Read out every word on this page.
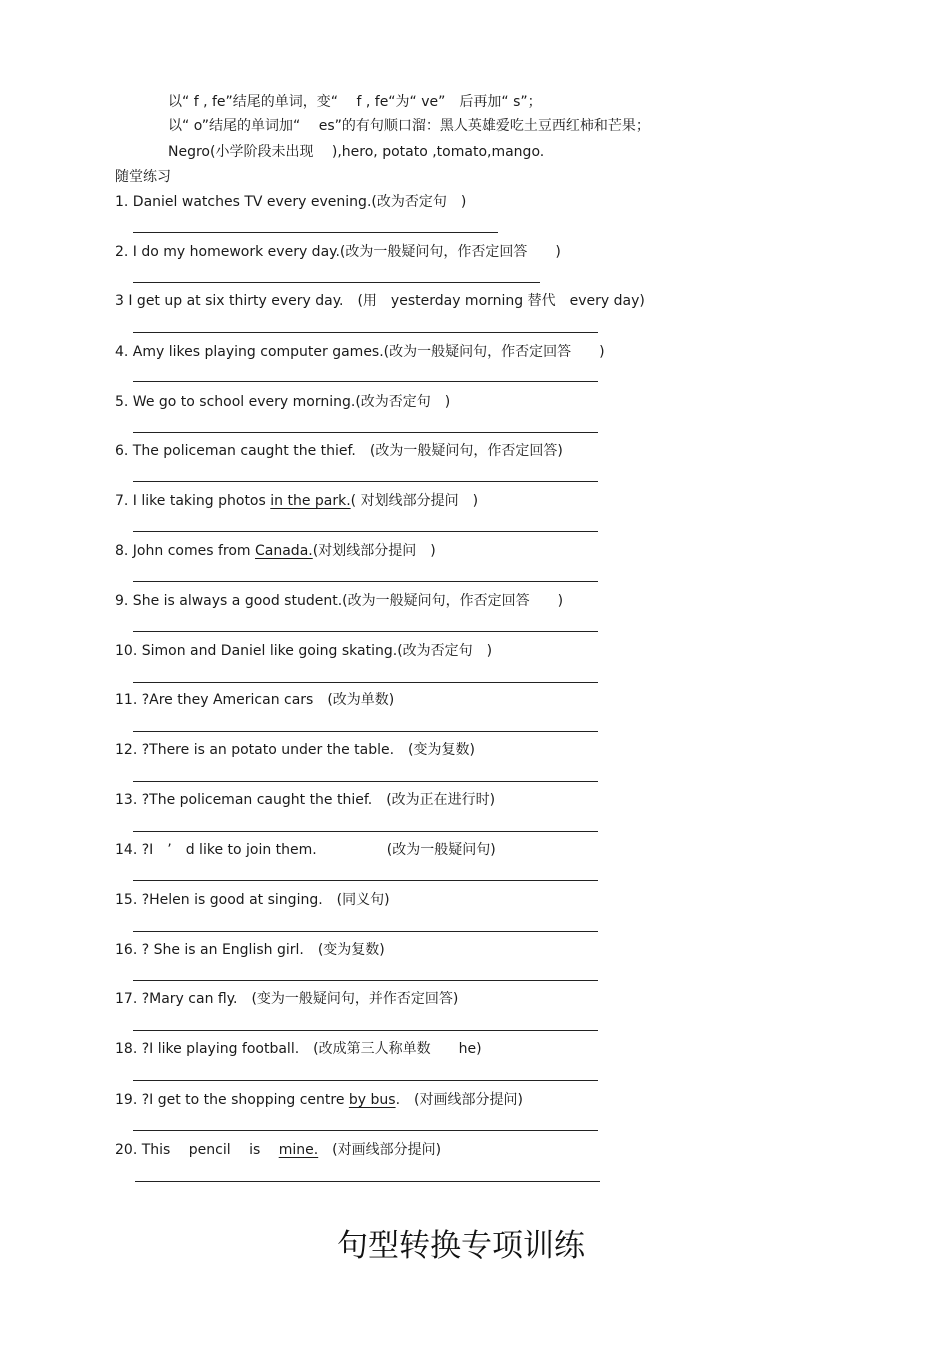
以“ f , fe”结尾的单词，变“　 f , fe“为“ ve”　后再加“ s”；
以“ o”结尾的单词加“　 es”的有句顺口溜：黑人英雄爱吃土豆西红柿和芒果；
Negro(小学阶段未出现　 ),hero, potato ,tomato,mango.
随堂练习
1. Daniel watches TV every evening.(改为否定句　)
2. I do my homework every day.(改为一般疑问句，作否定回答　　)
3 I get up at six thirty every day.　(用　yesterday morning 替代　every day)
4. Amy likes playing computer games.(改为一般疑问句，作否定回答　　)
5. We go to school every morning.(改为否定句　)
6. The policeman caught the thief.　(改为一般疑问句，作否定回答)
7. I like taking photos in the park.( 对划线部分提问　)
8. John comes from Canada.(对划线部分提问　)
9. She is always a good student.(改为一般疑问句，作否定回答　　)
10. Simon and Daniel like going skating.(改为否定句　)
11. ?Are they American cars　(改为单数)
12. ?There is an potato under the table.　(变为复数)
13. ?The policeman caught the thief.　(改为正在进行时)
14. ?I　’　d like to join them.　　　　　(改为一般疑问句)
15. ?Helen is good at singing.　(同义句)
16. ? She is an English girl.　(变为复数)
17. ?Mary can fly.　(变为一般疑问句，并作否定回答)
18. ?I like playing football.　(改成第三人称单数　　he)
19. ?I get to the shopping centre by bus.　(对画线部分提问)
20. This　 pencil　 is　 mine.　(对画线部分提问)
句型转换专项训练
